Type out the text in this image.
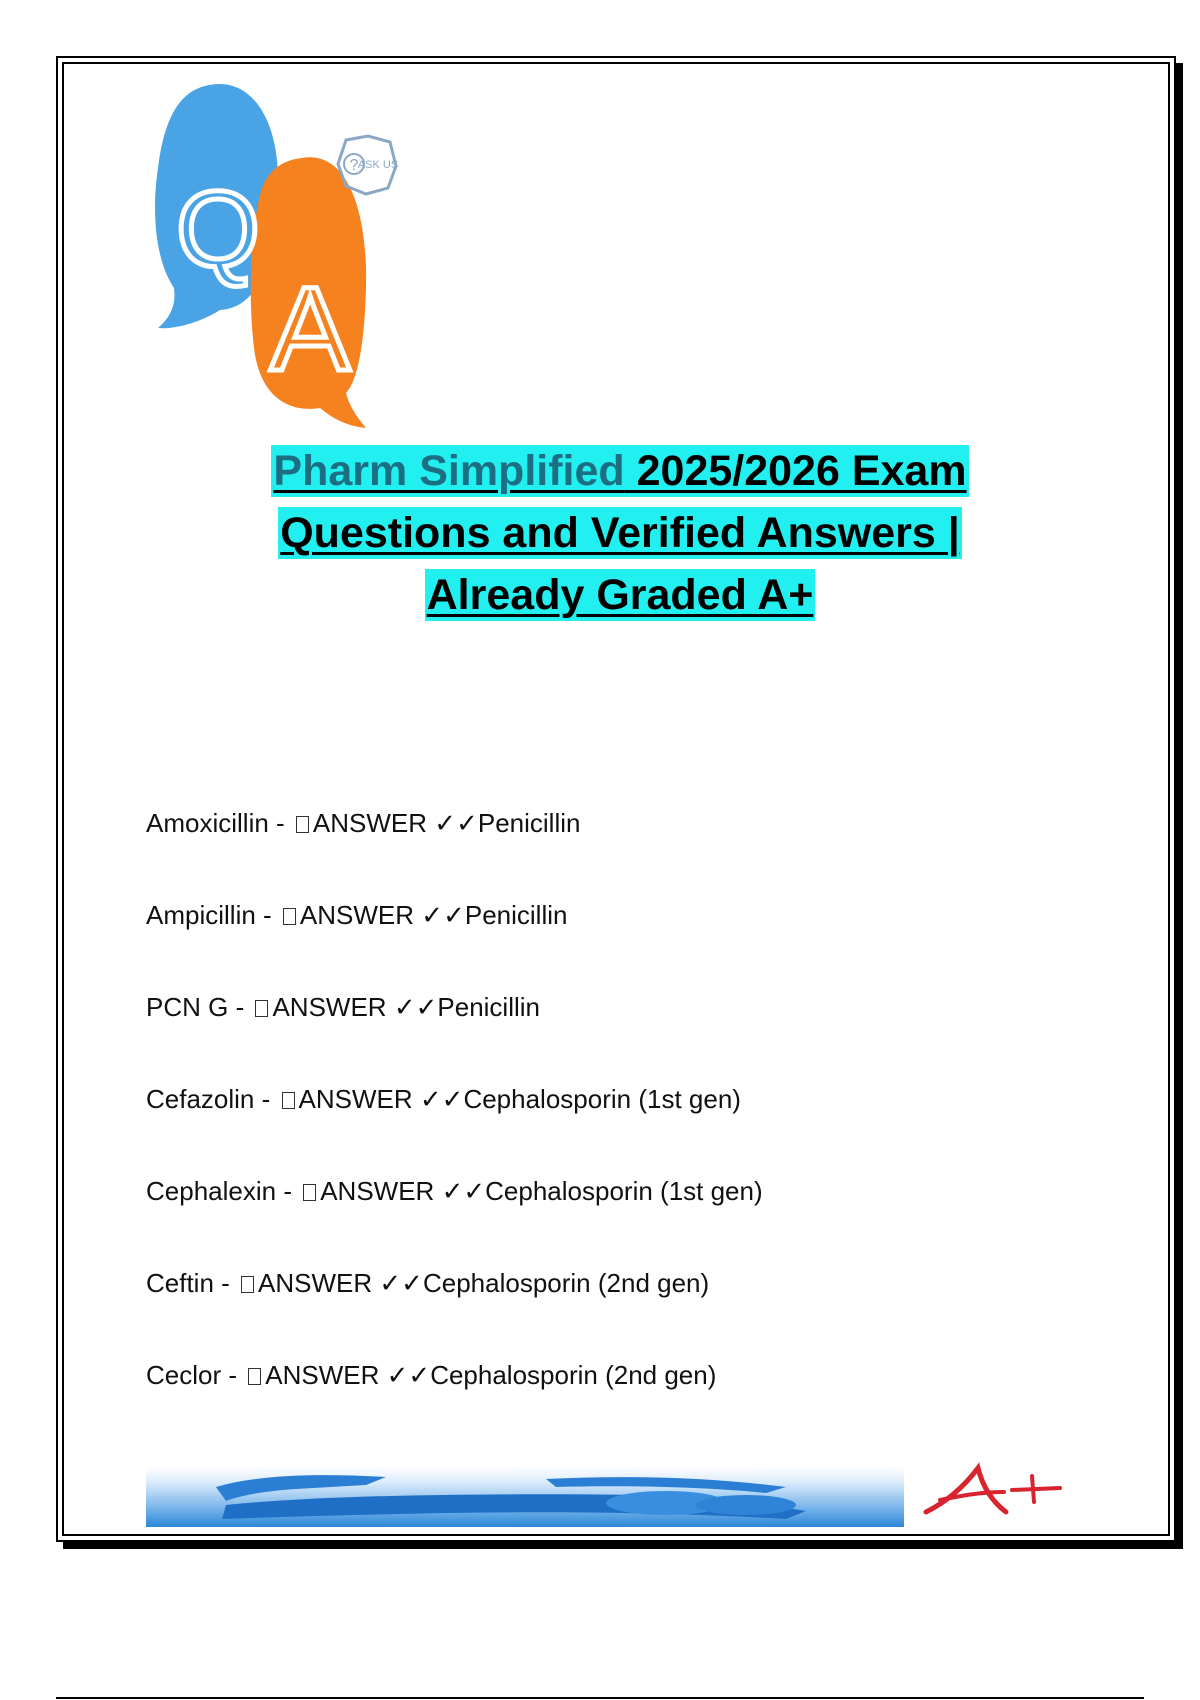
Q
A
? ASK US
Pharm Simplified 2025/2026 Exam
Questions and Verified Answers |
Already Graded A+
Amoxicillin - ANSWER ✓✓Penicillin
Ampicillin - ANSWER ✓✓Penicillin
PCN G - ANSWER ✓✓Penicillin
Cefazolin - ANSWER ✓✓Cephalosporin (1st gen)
Cephalexin - ANSWER ✓✓Cephalosporin (1st gen)
Ceftin - ANSWER ✓✓Cephalosporin (2nd gen)
Ceclor - ANSWER ✓✓Cephalosporin (2nd gen)
